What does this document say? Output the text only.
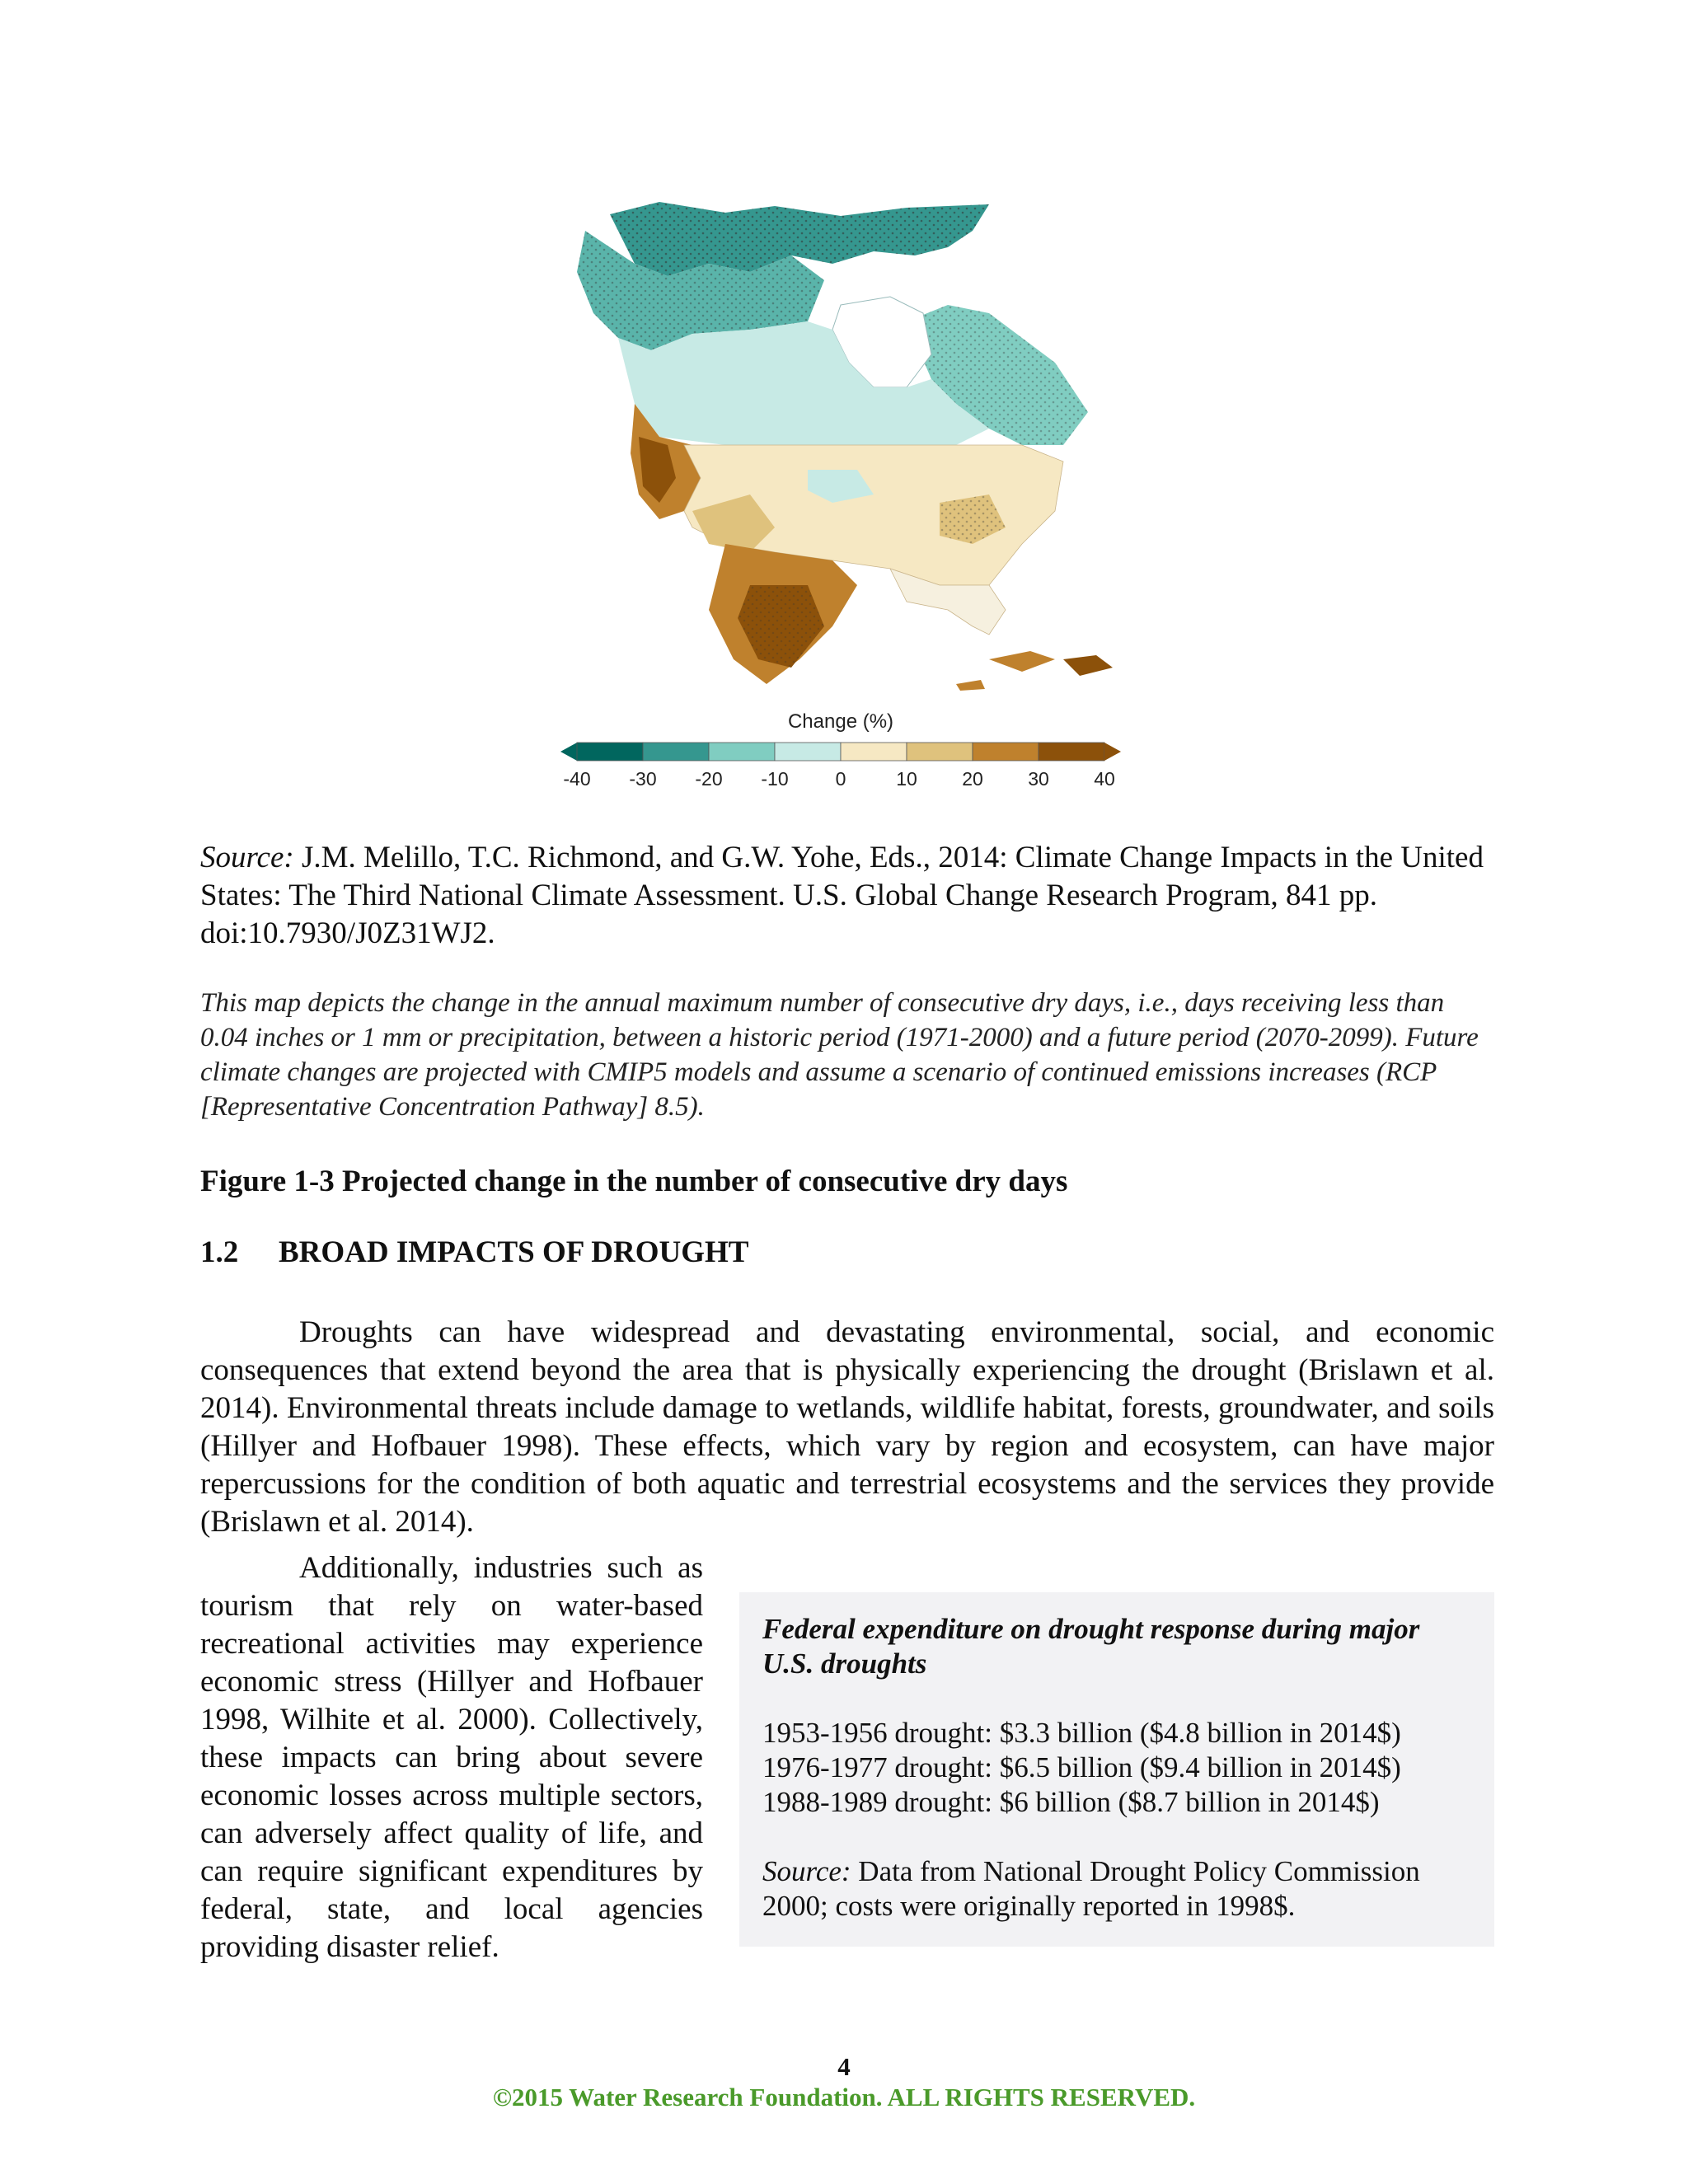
Change (%)
-40	-30	-20	-10	0	10	20	30	40
Source: J.M. Melillo, T.C. Richmond, and G.W. Yohe, Eds., 2014: Climate Change Impacts in the United States: The Third National Climate Assessment. U.S. Global Change Research Program, 841 pp. doi:10.7930/J0Z31WJ2.
This map depicts the change in the annual maximum number of consecutive dry days, i.e., days receiving less than 0.04 inches or 1 mm or precipitation, between a historic period (1971-2000) and a future period (2070-2099). Future climate changes are projected with CMIP5 models and assume a scenario of continued emissions increases (RCP [Representative Concentration Pathway] 8.5).
Figure 1-3 Projected change in the number of consecutive dry days
1.2 BROAD IMPACTS OF DROUGHT
Droughts can have widespread and devastating environmental, social, and economic consequences that extend beyond the area that is physically experiencing the drought (Brislawn et al. 2014). Environmental threats include damage to wetlands, wildlife habitat, forests, groundwater, and soils (Hillyer and Hofbauer 1998). These effects, which vary by region and ecosystem, can have major repercussions for the condition of both aquatic and terrestrial ecosystems and the services they provide (Brislawn et al. 2014).
Additionally, industries such as tourism that rely on water-based recreational activities may experience economic stress (Hillyer and Hofbauer 1998, Wilhite et al. 2000). Collectively, these impacts can bring about severe economic losses across multiple sectors, can adversely affect quality of life, and can require significant expenditures by federal, state, and local agencies providing disaster relief.

Federal expenditure on drought response during major U.S. droughts

1953-1956 drought: $3.3 billion ($4.8 billion in 2014$)

1976-1977 drought: $6.5 billion ($9.4 billion in 2014$)

1988-1989 drought: $6 billion ($8.7 billion in 2014$)

Source: Data from National Drought Policy Commission 2000; costs were originally reported in 1998$.

4
©2015 Water Research Foundation. ALL RIGHTS RESERVED.
